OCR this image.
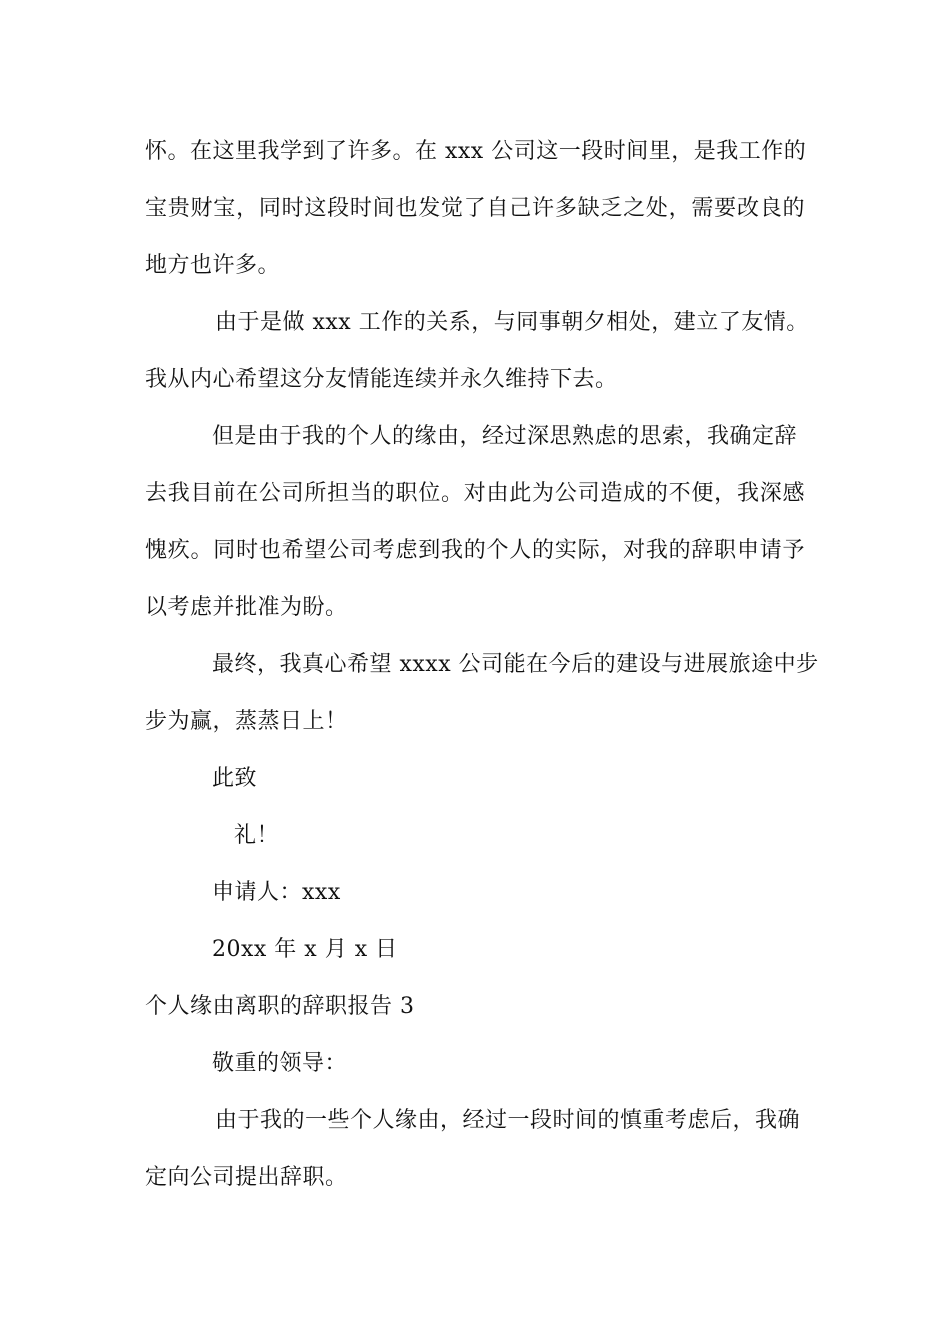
怀。在这里我学到了许多。在 xxx 公司这一段时间里，是我工作的
宝贵财宝，同时这段时间也发觉了自己许多缺乏之处，需要改良的
地方也许多。
由于是做 xxx 工作的关系，与同事朝夕相处，建立了友情。
我从内心希望这分友情能连续并永久维持下去。
但是由于我的个人的缘由，经过深思熟虑的思索，我确定辞
去我目前在公司所担当的职位。对由此为公司造成的不便，我深感
愧疚。同时也希望公司考虑到我的个人的实际，对我的辞职申请予
以考虑并批准为盼。
最终，我真心希望 xxxx 公司能在今后的建设与进展旅途中步
步为赢，蒸蒸日上！
此致
礼！
申请人：xxx
20xx 年 x 月 x 日
个人缘由离职的辞职报告 3
敬重的领导：
由于我的一些个人缘由，经过一段时间的慎重考虑后，我确
定向公司提出辞职。
